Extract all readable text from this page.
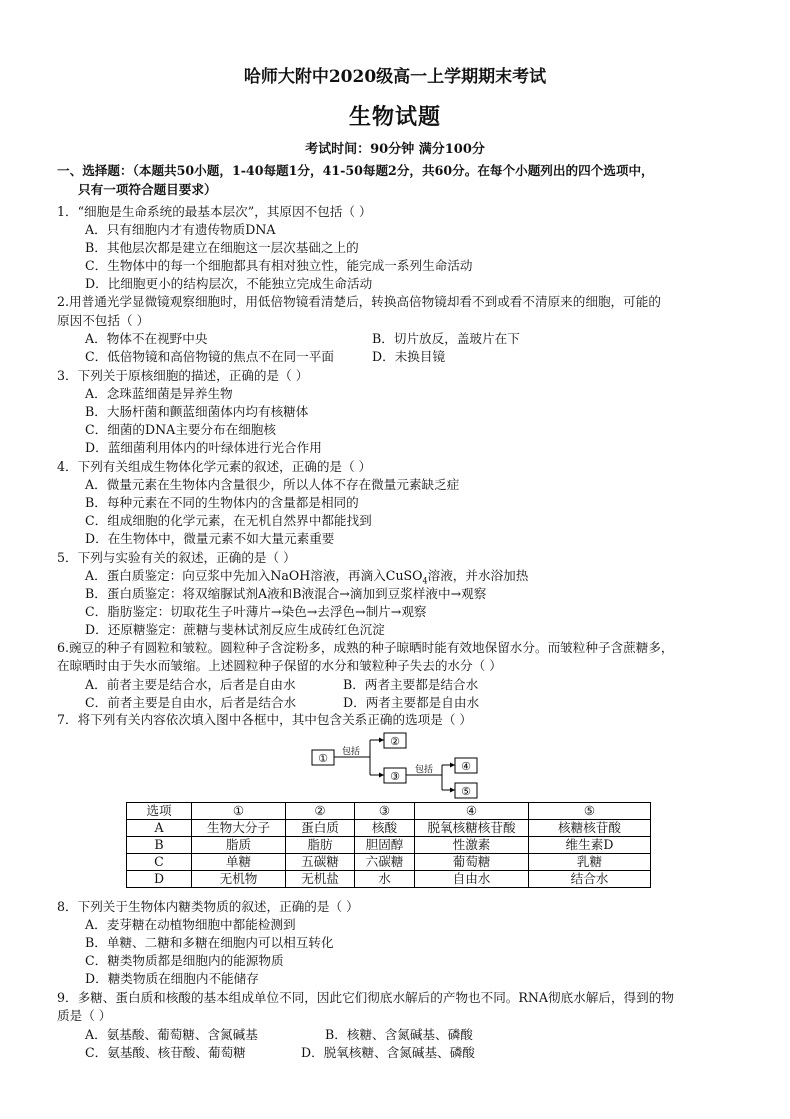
哈师大附中2020级高一上学期期末考试
生物试题
考试时间：90分钟 满分100分
一、选择题：（本题共50小题，1-40每题1分，41-50每题2分，共60分。在每个小题列出的四个选项中，
只有一项符合题目要求）
1．“细胞是生命系统的最基本层次”，其原因不包括（ ）
A．只有细胞内才有遗传物质DNA
B．其他层次都是建立在细胞这一层次基础之上的
C．生物体中的每一个细胞都具有相对独立性，能完成一系列生命活动
D．比细胞更小的结构层次，不能独立完成生命活动
2.用普通光学显微镜观察细胞时，用低倍物镜看清楚后，转换高倍物镜却看不到或看不清原来的细胞，可能的
原因不包括（ ）
A．物体不在视野中央	B．切片放反，盖玻片在下
C．低倍物镜和高倍物镜的焦点不在同一平面	D．未换目镜
3．下列关于原核细胞的描述，正确的是（ ）
A．念珠蓝细菌是异养生物
B．大肠杆菌和颤蓝细菌体内均有核糖体
C．细菌的DNA主要分布在细胞核
D．蓝细菌利用体内的叶绿体进行光合作用
4．下列有关组成生物体化学元素的叙述，正确的是（ ）
A．微量元素在生物体内含量很少，所以人体不存在微量元素缺乏症
B．每种元素在不同的生物体内的含量都是相同的
C．组成细胞的化学元素，在无机自然界中都能找到
D．在生物体中，微量元素不如大量元素重要
5．下列与实验有关的叙述，正确的是（ ）
A．蛋白质鉴定：向豆浆中先加入NaOH溶液，再滴入CuSO$_4$溶液，并水浴加热
B．蛋白质鉴定：将双缩脲试剂A液和B液混合→滴加到豆浆样液中→观察
C．脂肪鉴定：切取花生子叶薄片→染色→去浮色→制片→观察
D．还原糖鉴定：蔗糖与斐林试剂反应生成砖红色沉淀
6.豌豆的种子有圆粒和皱粒。圆粒种子含淀粉多，成熟的种子晾晒时能有效地保留水分。而皱粒种子含蔗糖多，
在晾晒时由于失水而皱缩。上述圆粒种子保留的水分和皱粒种子失去的水分（ ）
A．前者主要是结合水，后者是自由水	B．两者主要都是结合水
C．前者主要是自由水，后者是结合水	D．两者主要都是自由水
7．将下列有关内容依次填入图中各框中，其中包含关系正确的选项是（ ）
①
②
③
④
⑤
包括
包括
选项	①	②	③	④	⑤
A	生物大分子	蛋白质	核酸	脱氧核糖核苷酸	核糖核苷酸
B	脂质	脂肪	胆固醇	性激素	维生素D
C	单糖	五碳糖	六碳糖	葡萄糖	乳糖
D	无机物	无机盐	水	自由水	结合水
8．下列关于生物体内糖类物质的叙述，正确的是（ ）
A．麦芽糖在动植物细胞中都能检测到
B．单糖、二糖和多糖在细胞内可以相互转化
C．糖类物质都是细胞内的能源物质
D．糖类物质在细胞内不能储存
9．多糖、蛋白质和核酸的基本组成单位不同，因此它们彻底水解后的产物也不同。RNA彻底水解后，得到的物
质是（ ）
A．氨基酸、葡萄糖、含氮碱基	B．核糖、含氮碱基、磷酸
C．氨基酸、核苷酸、葡萄糖	D．脱氧核糖、含氮碱基、磷酸
